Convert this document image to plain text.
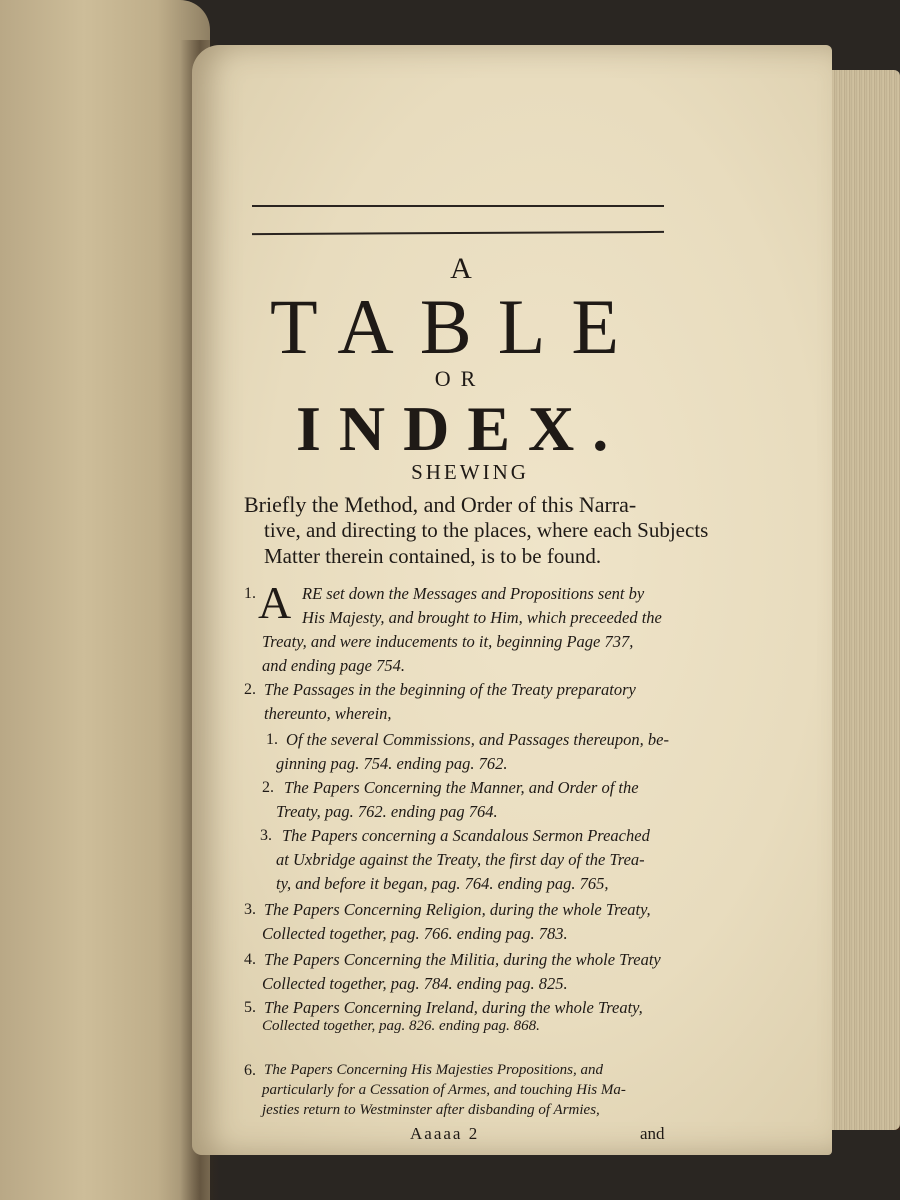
A
TABLE
OR
INDEX.
SHEWING
Briefly the Method, and Order of this Narra-
tive, and directing to the places, where each Subjects
Matter therein contained, is to be found.
A
1.	RE set down the Messages and Propositions sent by
His Majesty, and brought to Him, which preceeded the
Treaty, and were inducements to it, beginning Page 737,
and ending page 754.
2. The Passages in the beginning of the Treaty preparatory
thereunto, wherein,
1. Of the several Commissions, and Passages thereupon, be-
ginning pag. 754. ending pag. 762.
2. The Papers Concerning the Manner, and Order of the
Treaty, pag. 762. ending pag 764.
3. The Papers concerning a Scandalous Sermon Preached
at Uxbridge against the Treaty, the first day of the Trea-
ty, and before it began, pag. 764. ending pag. 765,
3. The Papers Concerning Religion, during the whole Treaty,
Collected together, pag. 766. ending pag. 783.
4. The Papers Concerning the Militia, during the whole Treaty
Collected together, pag. 784. ending pag. 825.
5. The Papers Concerning Ireland, during the whole Treaty,
Collected together, pag. 826. ending pag. 868.
6. The Papers Concerning His Majesties Propositions, and
particularly for a Cessation of Armes, and touching His Ma-
jesties return to Westminster after disbanding of Armies,
Aaaaa 2	and
